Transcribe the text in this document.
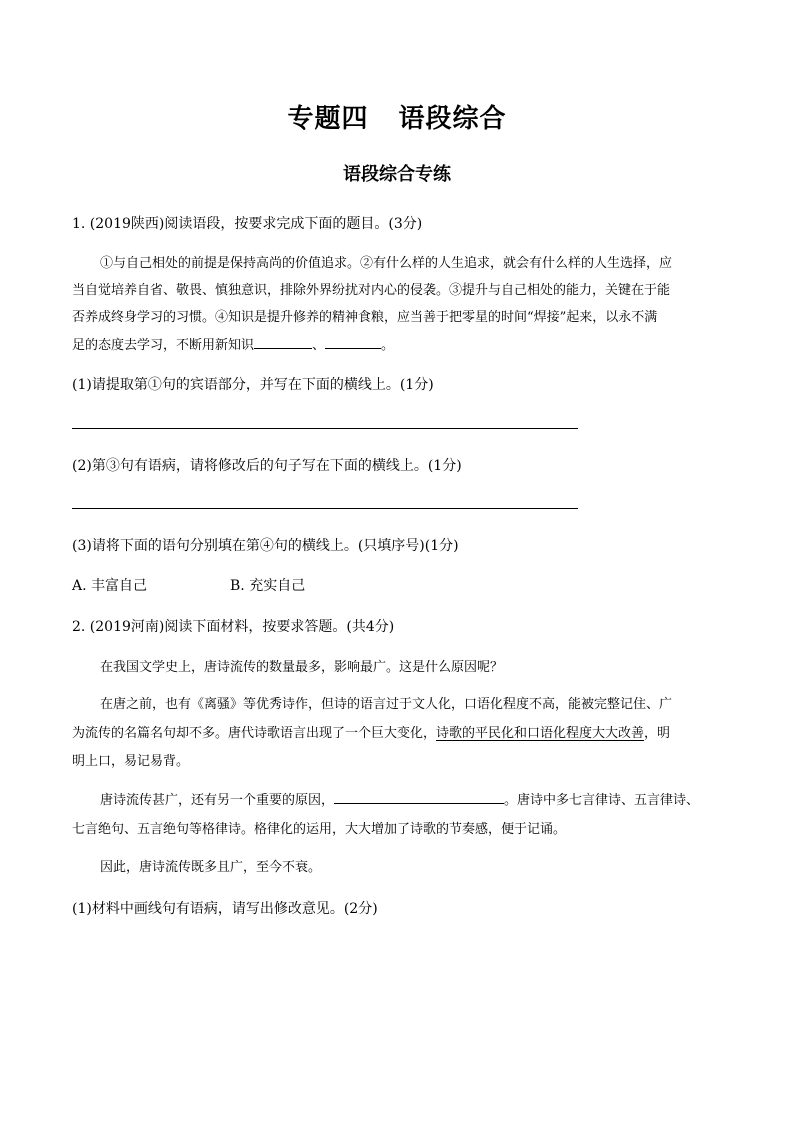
专题四 语段综合
语段综合专练
1. (2019陕西)阅读语段，按要求完成下面的题目。(3分)
①与自己相处的前提是保持高尚的价值追求。②有什么样的人生追求，就会有什么样的人生选择，应
当自觉培养自省、敬畏、慎独意识，排除外界纷扰对内心的侵袭。③提升与自己相处的能力，关键在于能
否养成终身学习的习惯。④知识是提升修养的精神食粮，应当善于把零星的时间“焊接”起来，以永不满
足的态度去学习，不断用新知识	、	。
(1)请提取第①句的宾语部分，并写在下面的横线上。(1分)
(2)第③句有语病，请将修改后的句子写在下面的横线上。(1分)
(3)请将下面的语句分别填在第④句的横线上。(只填序号)(1分)
A. 丰富自己	B. 充实自己
2. (2019河南)阅读下面材料，按要求答题。(共4分)
在我国文学史上，唐诗流传的数量最多，影响最广。这是什么原因呢？
在唐之前，也有《离骚》等优秀诗作，但诗的语言过于文人化，口语化程度不高，能被完整记住、广
为流传的名篇名句却不多。唐代诗歌语言出现了一个巨大变化，诗歌的平民化和口语化程度大大改善，明
明上口，易记易背。
唐诗流传甚广，还有另一个重要的原因，	。唐诗中多七言律诗、五言律诗、
七言绝句、五言绝句等格律诗。格律化的运用，大大增加了诗歌的节奏感，便于记诵。
因此，唐诗流传既多且广，至今不衰。
(1)材料中画线句有语病，请写出修改意见。(2分)
